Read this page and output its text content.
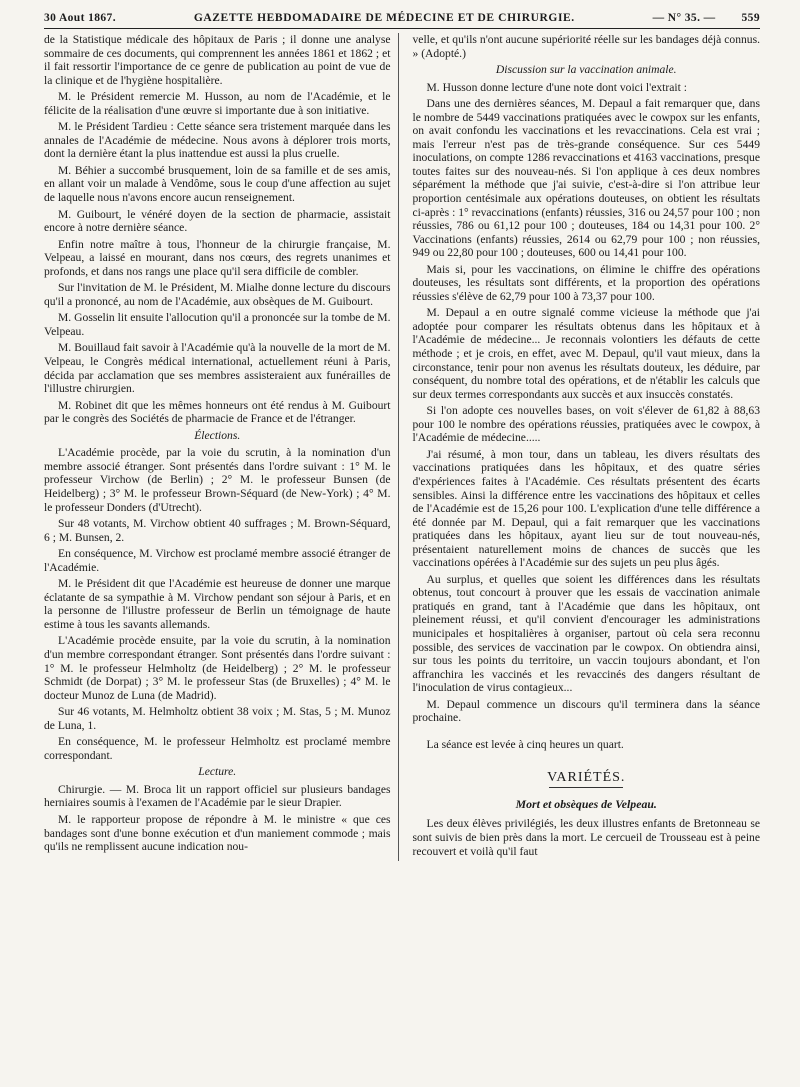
30 Aout 1867.	GAZETTE HEBDOMADAIRE DE MÉDECINE ET DE CHIRURGIE.	— N° 35. — 559

de la Statistique médicale des hôpitaux de Paris ; il donne une analyse sommaire de ces documents, qui comprennent les années 1861 et 1862 ; et il fait ressortir l'importance de ce genre de publication au point de vue de la clinique et de l'hygiène hospitalière.

M. le Président remercie M. Husson, au nom de l'Académie, et le félicite de la réalisation d'une œuvre si importante due à son initiative.

M. le Président Tardieu : Cette séance sera tristement marquée dans les annales de l'Académie de médecine. Nous avons à déplorer trois morts, dont la dernière étant la plus inattendue est aussi la plus cruelle.

M. Béhier a succombé brusquement, loin de sa famille et de ses amis, en allant voir un malade à Vendôme, sous le coup d'une affection au sujet de laquelle nous n'avons encore aucun renseignement.

M. Guibourt, le vénéré doyen de la section de pharmacie, assistait encore à notre dernière séance.

Enfin notre maître à tous, l'honneur de la chirurgie française, M. Velpeau, a laissé en mourant, dans nos cœurs, des regrets unanimes et profonds, et dans nos rangs une place qu'il sera difficile de combler.

Sur l'invitation de M. le Président, M. Mialhe donne lecture du discours qu'il a prononcé, au nom de l'Académie, aux obsèques de M. Guibourt.

M. Gosselin lit ensuite l'allocution qu'il a prononcée sur la tombe de M. Velpeau.

M. Bouillaud fait savoir à l'Académie qu'à la nouvelle de la mort de M. Velpeau, le Congrès médical international, actuellement réuni à Paris, décida par acclamation que ses membres assisteraient aux funérailles de l'illustre chirurgien.

M. Robinet dit que les mêmes honneurs ont été rendus à M. Guibourt par le congrès des Sociétés de pharmacie de France et de l'étranger.

Élections.

L'Académie procède, par la voie du scrutin, à la nomination d'un membre associé étranger. Sont présentés dans l'ordre suivant : 1° M. le professeur Virchow (de Berlin) ; 2° M. le professeur Bunsen (de Heidelberg) ; 3° M. le professeur Brown-Séquard (de New-York) ; 4° M. le professeur Donders (d'Utrecht).

Sur 48 votants, M. Virchow obtient 40 suffrages ; M. Brown-Séquard, 6 ; M. Bunsen, 2.

En conséquence, M. Virchow est proclamé membre associé étranger de l'Académie.

M. le Président dit que l'Académie est heureuse de donner une marque éclatante de sa sympathie à M. Virchow pendant son séjour à Paris, et en la personne de l'illustre professeur de Berlin un témoignage de haute estime à tous les savants allemands.

L'Académie procède ensuite, par la voie du scrutin, à la nomination d'un membre correspondant étranger. Sont présentés dans l'ordre suivant : 1° M. le professeur Helmholtz (de Heidelberg) ; 2° M. le professeur Schmidt (de Dorpat) ; 3° M. le professeur Stas (de Bruxelles) ; 4° M. le docteur Munoz de Luna (de Madrid).

Sur 46 votants, M. Helmholtz obtient 38 voix ; M. Stas, 5 ; M. Munoz de Luna, 1.

En conséquence, M. le professeur Helmholtz est proclamé membre correspondant.

Lecture.

Chirurgie. — M. Broca lit un rapport officiel sur plusieurs bandages herniaires soumis à l'examen de l'Académie par le sieur Drapier.

M. le rapporteur propose de répondre à M. le ministre « que ces bandages sont d'une bonne exécution et d'un maniement commode ; mais qu'ils ne remplissent aucune indication nou-

velle, et qu'ils n'ont aucune supériorité réelle sur les bandages déjà connus. » (Adopté.)

Discussion sur la vaccination animale.

M. Husson donne lecture d'une note dont voici l'extrait :

Dans une des dernières séances, M. Depaul a fait remarquer que, dans le nombre de 5449 vaccinations pratiquées avec le cowpox sur les enfants, on avait confondu les vaccinations et les revaccinations. Cela est vrai ; mais l'erreur n'est pas de très-grande conséquence. Sur ces 5449 inoculations, on compte 1286 revaccinations et 4163 vaccinations, presque toutes faites sur des nouveau-nés. Si l'on applique à ces deux nombres séparément la méthode que j'ai suivie, c'est-à-dire si l'on attribue leur proportion centésimale aux opérations douteuses, on obtient les résultats ci-après : 1° revaccinations (enfants) réussies, 316 ou 24,57 pour 100 ; non réussies, 786 ou 61,12 pour 100 ; douteuses, 184 ou 14,31 pour 100. 2° Vaccinations (enfants) réussies, 2614 ou 62,79 pour 100 ; non réussies, 949 ou 22,80 pour 100 ; douteuses, 600 ou 14,41 pour 100.

Mais si, pour les vaccinations, on élimine le chiffre des opérations douteuses, les résultats sont différents, et la proportion des opérations réussies s'élève de 62,79 pour 100 à 73,37 pour 100.

M. Depaul a en outre signalé comme vicieuse la méthode que j'ai adoptée pour comparer les résultats obtenus dans les hôpitaux et à l'Académie de médecine... Je reconnais volontiers les défauts de cette méthode ; et je crois, en effet, avec M. Depaul, qu'il vaut mieux, dans la circonstance, tenir pour non avenus les résultats douteux, les déduire, par conséquent, du nombre total des opérations, et de n'établir les calculs que sur deux termes correspondants aux succès et aux insuccès constatés.

Si l'on adopte ces nouvelles bases, on voit s'élever de 61,82 à 88,63 pour 100 le nombre des opérations réussies, pratiquées avec le cowpox, à l'Académie de médecine.....

J'ai résumé, à mon tour, dans un tableau, les divers résultats des vaccinations pratiquées dans les hôpitaux, et des quatre séries d'expériences faites à l'Académie. Ces résultats présentent des écarts sensibles. Ainsi la différence entre les vaccinations des hôpitaux et celles de l'Académie est de 15,26 pour 100. L'explication d'une telle différence a été donnée par M. Depaul, qui a fait remarquer que les vaccinations pratiquées dans les hôpitaux, ayant lieu sur de tout nouveau-nés, présentaient naturellement moins de chances de succès que les vaccinations opérées à l'Académie sur des sujets un peu plus âgés.

Au surplus, et quelles que soient les différences dans les résultats obtenus, tout concourt à prouver que les essais de vaccination animale pratiqués en grand, tant à l'Académie que dans les hôpitaux, ont pleinement réussi, et qu'il convient d'encourager les administrations municipales et hospitalières à organiser, partout où cela sera reconnu possible, des services de vaccination par le cowpox. On obtiendra ainsi, sur tous les points du territoire, un vaccin toujours abondant, et l'on affranchira les vaccinés et les revaccinés des dangers résultant de l'inoculation de virus contagieux...

M. Depaul commence un discours qu'il terminera dans la séance prochaine.

La séance est levée à cinq heures un quart.

VARIÉTÉS.
Mort et obsèques de Velpeau.

Les deux élèves privilégiés, les deux illustres enfants de Bretonneau se sont suivis de bien près dans la mort. Le cercueil de Trousseau est à peine recouvert et voilà qu'il faut
